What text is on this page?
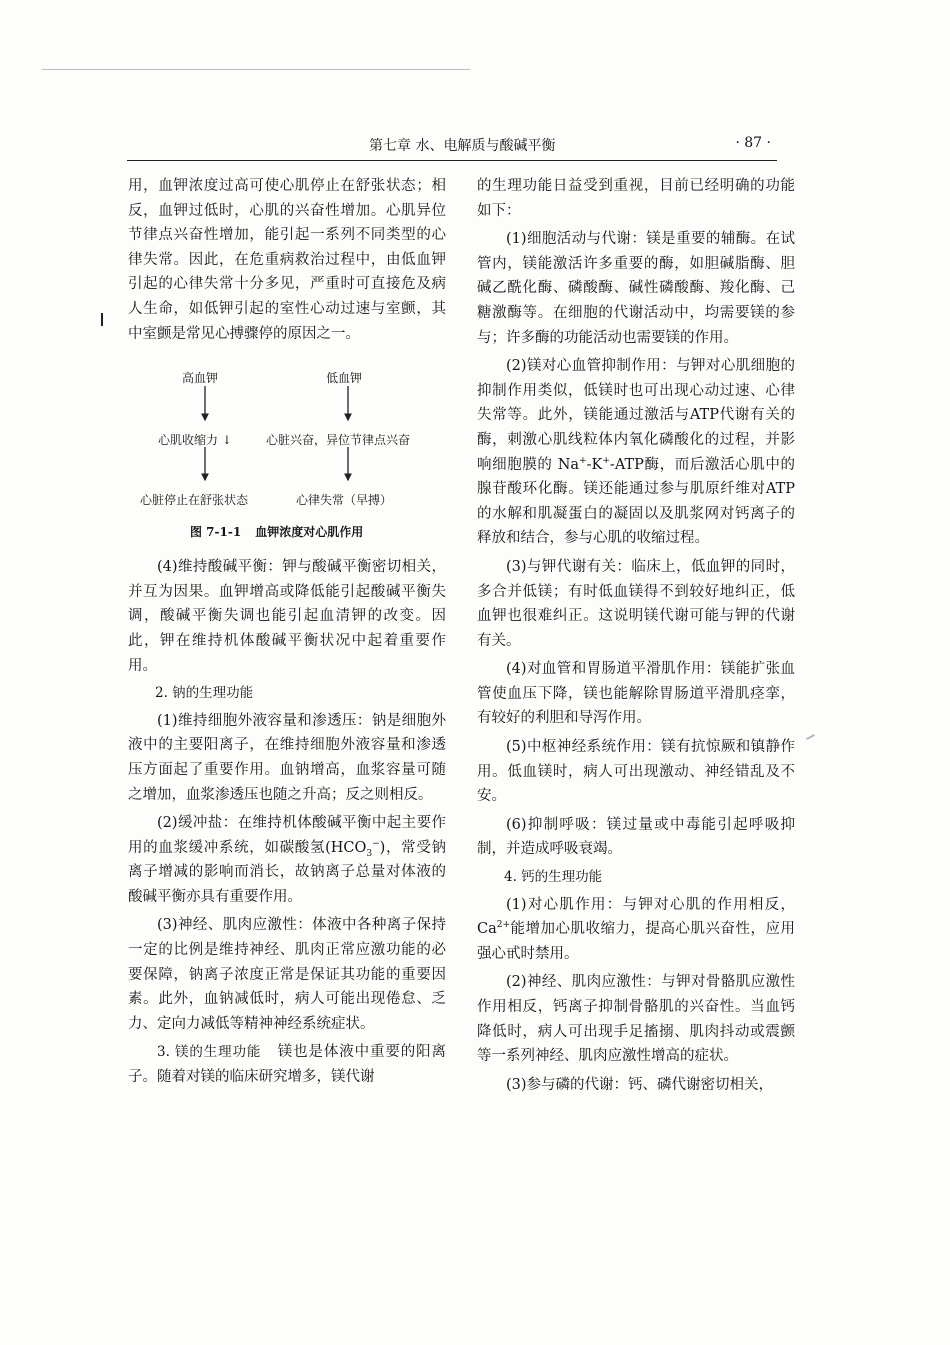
第七章 水、电解质与酸碱平衡	· 87 ·

用，血钾浓度过高可使心肌停止在舒张状态；相反，血钾过低时，心肌的兴奋性增加。心肌异位节律点兴奋性增加，能引起一系列不同类型的心律失常。因此，在危重病救治过程中，由低血钾引起的心律失常十分多见，严重时可直接危及病人生命，如低钾引起的室性心动过速与室颤，其中室颤是常见心搏骤停的原因之一。

高血钾	低血钾
心肌收缩力 ↓	心脏兴奋，异位节律点兴奋
心脏停止在舒张状态	心律失常（早搏）
图 7-1-1 血钾浓度对心肌作用

(4)维持酸碱平衡：钾与酸碱平衡密切相关，并互为因果。血钾增高或降低能引起酸碱平衡失调，酸碱平衡失调也能引起血清钾的改变。因此，钾在维持机体酸碱平衡状况中起着重要作用。

2. 钠的生理功能

(1)维持细胞外液容量和渗透压：钠是细胞外液中的主要阳离子，在维持细胞外液容量和渗透压方面起了重要作用。血钠增高，血浆容量可随之增加，血浆渗透压也随之升高；反之则相反。

(2)缓冲盐：在维持机体酸碱平衡中起主要作用的血浆缓冲系统，如碳酸氢$(HCO_3^-)$，常受钠离子增减的影响而消长，故钠离子总量对体液的酸碱平衡亦具有重要作用。

(3)神经、肌肉应激性：体液中各种离子保持一定的比例是维持神经、肌肉正常应激功能的必要保障，钠离子浓度正常是保证其功能的重要因素。此外，血钠减低时，病人可能出现倦怠、乏力、定向力减低等精神神经系统症状。

3. 镁的生理功能 镁也是体液中重要的阳离子。随着对镁的临床研究增多，镁代谢

的生理功能日益受到重视，目前已经明确的功能如下：

(1)细胞活动与代谢：镁是重要的辅酶。在试管内，镁能激活许多重要的酶，如胆碱脂酶、胆碱乙酰化酶、磷酸酶、碱性磷酸酶、羧化酶、己糖激酶等。在细胞的代谢活动中，均需要镁的参与；许多酶的功能活动也需要镁的作用。

(2)镁对心血管抑制作用：与钾对心肌细胞的抑制作用类似，低镁时也可出现心动过速、心律失常等。此外，镁能通过激活与ATP代谢有关的酶，刺激心肌线粒体内氧化磷酸化的过程，并影响细胞膜的 Na+-K+-ATP酶，而后激活心肌中的腺苷酸环化酶。镁还能通过参与肌原纤维对ATP的水解和肌凝蛋白的凝固以及肌浆网对钙离子的释放和结合，参与心肌的收缩过程。

(3)与钾代谢有关：临床上，低血钾的同时，多合并低镁；有时低血镁得不到较好地纠正，低血钾也很难纠正。这说明镁代谢可能与钾的代谢有关。

(4)对血管和胃肠道平滑肌作用：镁能扩张血管使血压下降，镁也能解除胃肠道平滑肌痉挛，有较好的利胆和导泻作用。

(5)中枢神经系统作用：镁有抗惊厥和镇静作用。低血镁时，病人可出现激动、神经错乱及不安。

(6)抑制呼吸：镁过量或中毒能引起呼吸抑制，并造成呼吸衰竭。

4. 钙的生理功能

(1)对心肌作用：与钾对心肌的作用相反，$Ca^{2+}$能增加心肌收缩力，提高心肌兴奋性，应用强心甙时禁用。

(2)神经、肌肉应激性：与钾对骨骼肌应激性作用相反，钙离子抑制骨骼肌的兴奋性。当血钙降低时，病人可出现手足搐搦、肌肉抖动或震颤等一系列神经、肌肉应激性增高的症状。

(3)参与磷的代谢：钙、磷代谢密切相关，
